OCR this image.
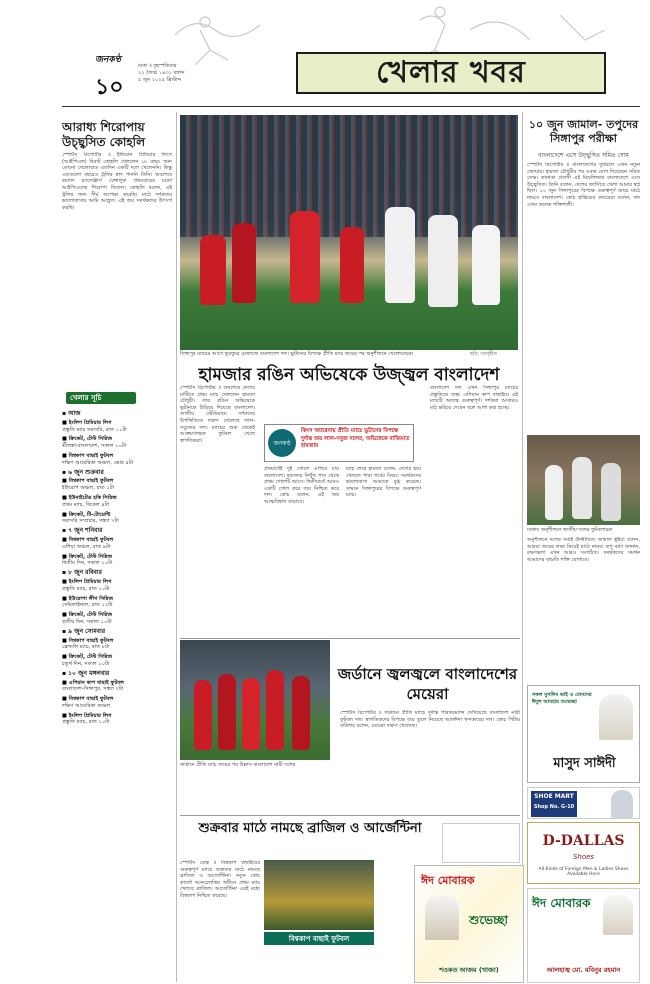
জনকণ্ঠ
১০
ঢাকা ॥ বৃহস্পতিবার
২২ জ্যৈষ্ঠ ১৪৩১ বঙ্গাব্দ
৫ জুন ২০২৫ খ্রিস্টাব্দ	খেলার খবর
আরাধ্য শিরোপায় উচ্ছ্বসিত কোহলি
স্পোর্টস রিপোর্টার ॥ ইন্ডিয়ান প্রিমিয়ার লিগে (আইপিএল) বিরাট কোহলি খেললেন ১৮ বছর। অন্য কোনো খেলোয়াড় এতদিন একটি দলে খেলেননি। কিন্তু এতগুলো বছরেও ট্রফির স্বাদ পাননি তিনি। অবশেষে রয়্যাল চ্যালেঞ্জার্স বেঙ্গালুরু প্রথমবারের মতো আইপিএলের শিরোপা জিতল। কোহলি বলেন, এই ট্রফির জন্য দীর্ঘ অপেক্ষা করেছি। মাঠে দর্শকদের ভালোবাসায় আমি আপ্লুত। এই জয় সমর্থকদের উৎসর্গ করছি।
খেলার সূচি
▪ আজ
■ ইংলিশ প্রিমিয়ার লিগ
প্রস্তুতি ম্যাচ সরাসরি, রাত ১১টা
■ ক্রিকেট, টেস্ট সিরিজ
শ্রীলঙ্কা-বাংলাদেশ, সকাল ১০টা
■ বিশ্বকাপ বাছাই ফুটবল
দক্ষিণ আমেরিকা অঞ্চল, ভোর ৫টা
▪ ৬ জুন শুক্রবার
■ বিশ্বকাপ বাছাই ফুটবল
ইউরোপ অঞ্চল, রাত ১টা
■ ইউনাইটেড হকি সিরিজ
প্রথম ম্যাচ, বিকেল ৪টা
■ ক্রিকেট, টি-টোয়েন্টি
সরাসরি সম্প্রচার, সন্ধ্যা ৭টা
▪ ৭ জুন শনিবার
■ বিশ্বকাপ বাছাই ফুটবল
এশিয়া অঞ্চল, রাত ৯টা
■ ক্রিকেট, টেস্ট সিরিজ
দ্বিতীয় দিন, সকাল ১০টা
▪ ৮ জুন রবিবার
■ ইংলিশ প্রিমিয়ার লিগ
প্রস্তুতি ম্যাচ, রাত ১০টা
■ ইউরোপা লীগ সিরিজ
সেমিফাইনাল, রাত ১২টা
■ ক্রিকেট, টেস্ট সিরিজ
তৃতীয় দিন, সকাল ১০টা
▪ ৯ জুন সোমবার
■ বিশ্বকাপ বাছাই ফুটবল
ফ্রেন্ডলি ম্যাচ, রাত ৮টা
■ ক্রিকেট, টেস্ট সিরিজ
চতুর্থ দিন, সকাল ১০টা
▪ ১০ জুন মঙ্গলবার
■ এশিয়ান কাপ বাছাই ফুটবল
বাংলাদেশ-সিঙ্গাপুর, সন্ধ্যা ৭টা
■ বিশ্বকাপ বাছাই ফুটবল
দক্ষিণ আমেরিকা অঞ্চল
■ ইংলিশ প্রিমিয়ার লিগ
প্রস্তুতি ম্যাচ, রাত ১০টা
সিঙ্গাপুর ম্যাচের আগে ফুরফুরে মেজাজে বাংলাদেশ দল। ভুটানের বিপক্ষে প্রীতি ম্যাচ জয়ের পর অনুশীলনে খেলোয়াড়রা	ছবি: সংগৃহীত
হামজার রঙিন অভিষেকে উজ্জ্বল বাংলাদেশ
স্পোর্টস রিপোর্টার ॥ অবশেষে দেশের মাটিতে প্রথম ম্যাচ খেললেন হামজা চৌধুরী। তার রঙিন অভিষেকে ভুটানকে উড়িয়ে দিয়েছে বাংলাদেশ। জাতীয় স্টেডিয়ামে দর্শকদের উপস্থিতিতে দারুণ খেলেছে লাল-সবুজের দল। ম্যাচের শুরু থেকেই আক্রমণাত্মক ফুটবল খেলে স্বাগতিকরা।
প্রথমার্ধেই দুই গোলে এগিয়ে যায় বাংলাদেশ। হামজার নিখুঁত পাস থেকে প্রথম গোলটি আসে। দ্বিতীয়ার্ধে আরও একটি গোল করে জয় নিশ্চিত করে দল। কোচ বলেন, এই জয় আত্মবিশ্বাস বাড়াবে।
ম্যাচ শেষে হামজা বলেন, দেশের হয়ে খেলতে পারা গর্বের বিষয়। সমর্থকদের ভালোবাসা আমাকে মুগ্ধ করেছে। সামনে সিঙ্গাপুরের বিপক্ষে গুরুত্বপূর্ণ ম্যাচ।
বাংলাদেশ দল এখন সিঙ্গাপুর ম্যাচের প্রস্তুতিতে ব্যস্ত। এশিয়ান কাপ বাছাইয়ে এই ম্যাচটি অত্যন্ত গুরুত্বপূর্ণ। দর্শকরা আবারও মাঠ ভরিয়ে দেবেন বলে আশা করা হচ্ছে।
জনকণ্ঠ
কিংস অ্যারেনায় প্রীতি ম্যাচে ভুটানের বিপক্ষে দুর্দান্ত জয় লাল-সবুজ দলের, অভিষেকে বাজিমাত হামজার
১০ জুন জামাল- তপুদের সিঙ্গাপুর পরীক্ষা
বাংলাদেশে এসে উচ্ছ্বসিত সমিত সোম
স্পোর্টস রিপোর্টার ॥ বাংলাদেশের ফুটবলে এখন নতুন জোয়ার। হামজা চৌধুরীর পর এবার যোগ দিয়েছেন সমিত সোম। কানাডা প্রবাসী এই মিডফিল্ডার বাংলাদেশে এসে উচ্ছ্বসিত। তিনি বলেন, দেশের জার্সিতে খেলা আমার স্বপ্ন ছিল। ১০ জুন সিঙ্গাপুরের বিপক্ষে গুরুত্বপূর্ণ ম্যাচে মাঠে নামবে বাংলাদেশ। কোচ হাভিয়ের কাবরেরা বলেন, দল এখন অনেক শক্তিশালী।
ঢাকায় অনুশীলনে জাতীয় দলের ফুটবলাররা
অনুশীলনে দলের সবাই উজ্জীবিত। জামাল ভূঁইয়া বলেন, আমরা জয়ের লক্ষ্য নিয়েই মাঠে নামব। তপু বর্মণ জানান, রক্ষণভাগ এখন আরও সংগঠিত। সমর্থকদের সমর্থন আমাদের বাড়তি শক্তি যোগাবে।
জর্ডানে প্রীতি ম্যাচ জয়ের পর উল্লাস বাংলাদেশ নারী দলের
জর্ডানে জ্বলজ্বলে বাংলাদেশের মেয়েরা
স্পোর্টস রিপোর্টার ॥ জর্ডানে প্রীতি ম্যাচে দুর্দান্ত পারফরম্যান্স দেখিয়েছে বাংলাদেশ নারী ফুটবল দল। স্বাগতিকদের বিপক্ষে জয় তুলে নিয়েছে আফঈদা খন্দকারের দল। কোচ পিটার বাটলার বলেন, মেয়েরা দারুণ খেলেছে।
সকল মুসলিম ভাই ও বোনদের ঈদুল আযহার শুভেচ্ছা
মাসুদ সাঈদী
SHOE MART
Shop No. G-10
D-DALLAS
Shoes
All Kinds of Foreign Men & Ladies Shoes Available Here
ঈদ মোবারক
আলহাজ্ব মো. মবিনুর রহমান
শুক্রবার মাঠে নামছে ব্রাজিল ও আর্জেন্টিনা
স্পোর্টস ডেস্ক ॥ বিশ্বকাপ বাছাইয়ের গুরুত্বপূর্ণ ম্যাচে শুক্রবার মাঠে নামছে ব্রাজিল ও আর্জেন্টিনা। নতুন কোচ কার্লো আনচেলত্তির অধীনে প্রথম ম্যাচ খেলবে ব্রাজিল। আর্জেন্টিনা এরই মধ্যে বিশ্বকাপ নিশ্চিত করেছে।
বিশ্বকাপ বাছাই ফুটবল
ঈদ মোবারক
শুভেচ্ছা
শওকত আজম (খাজা)
